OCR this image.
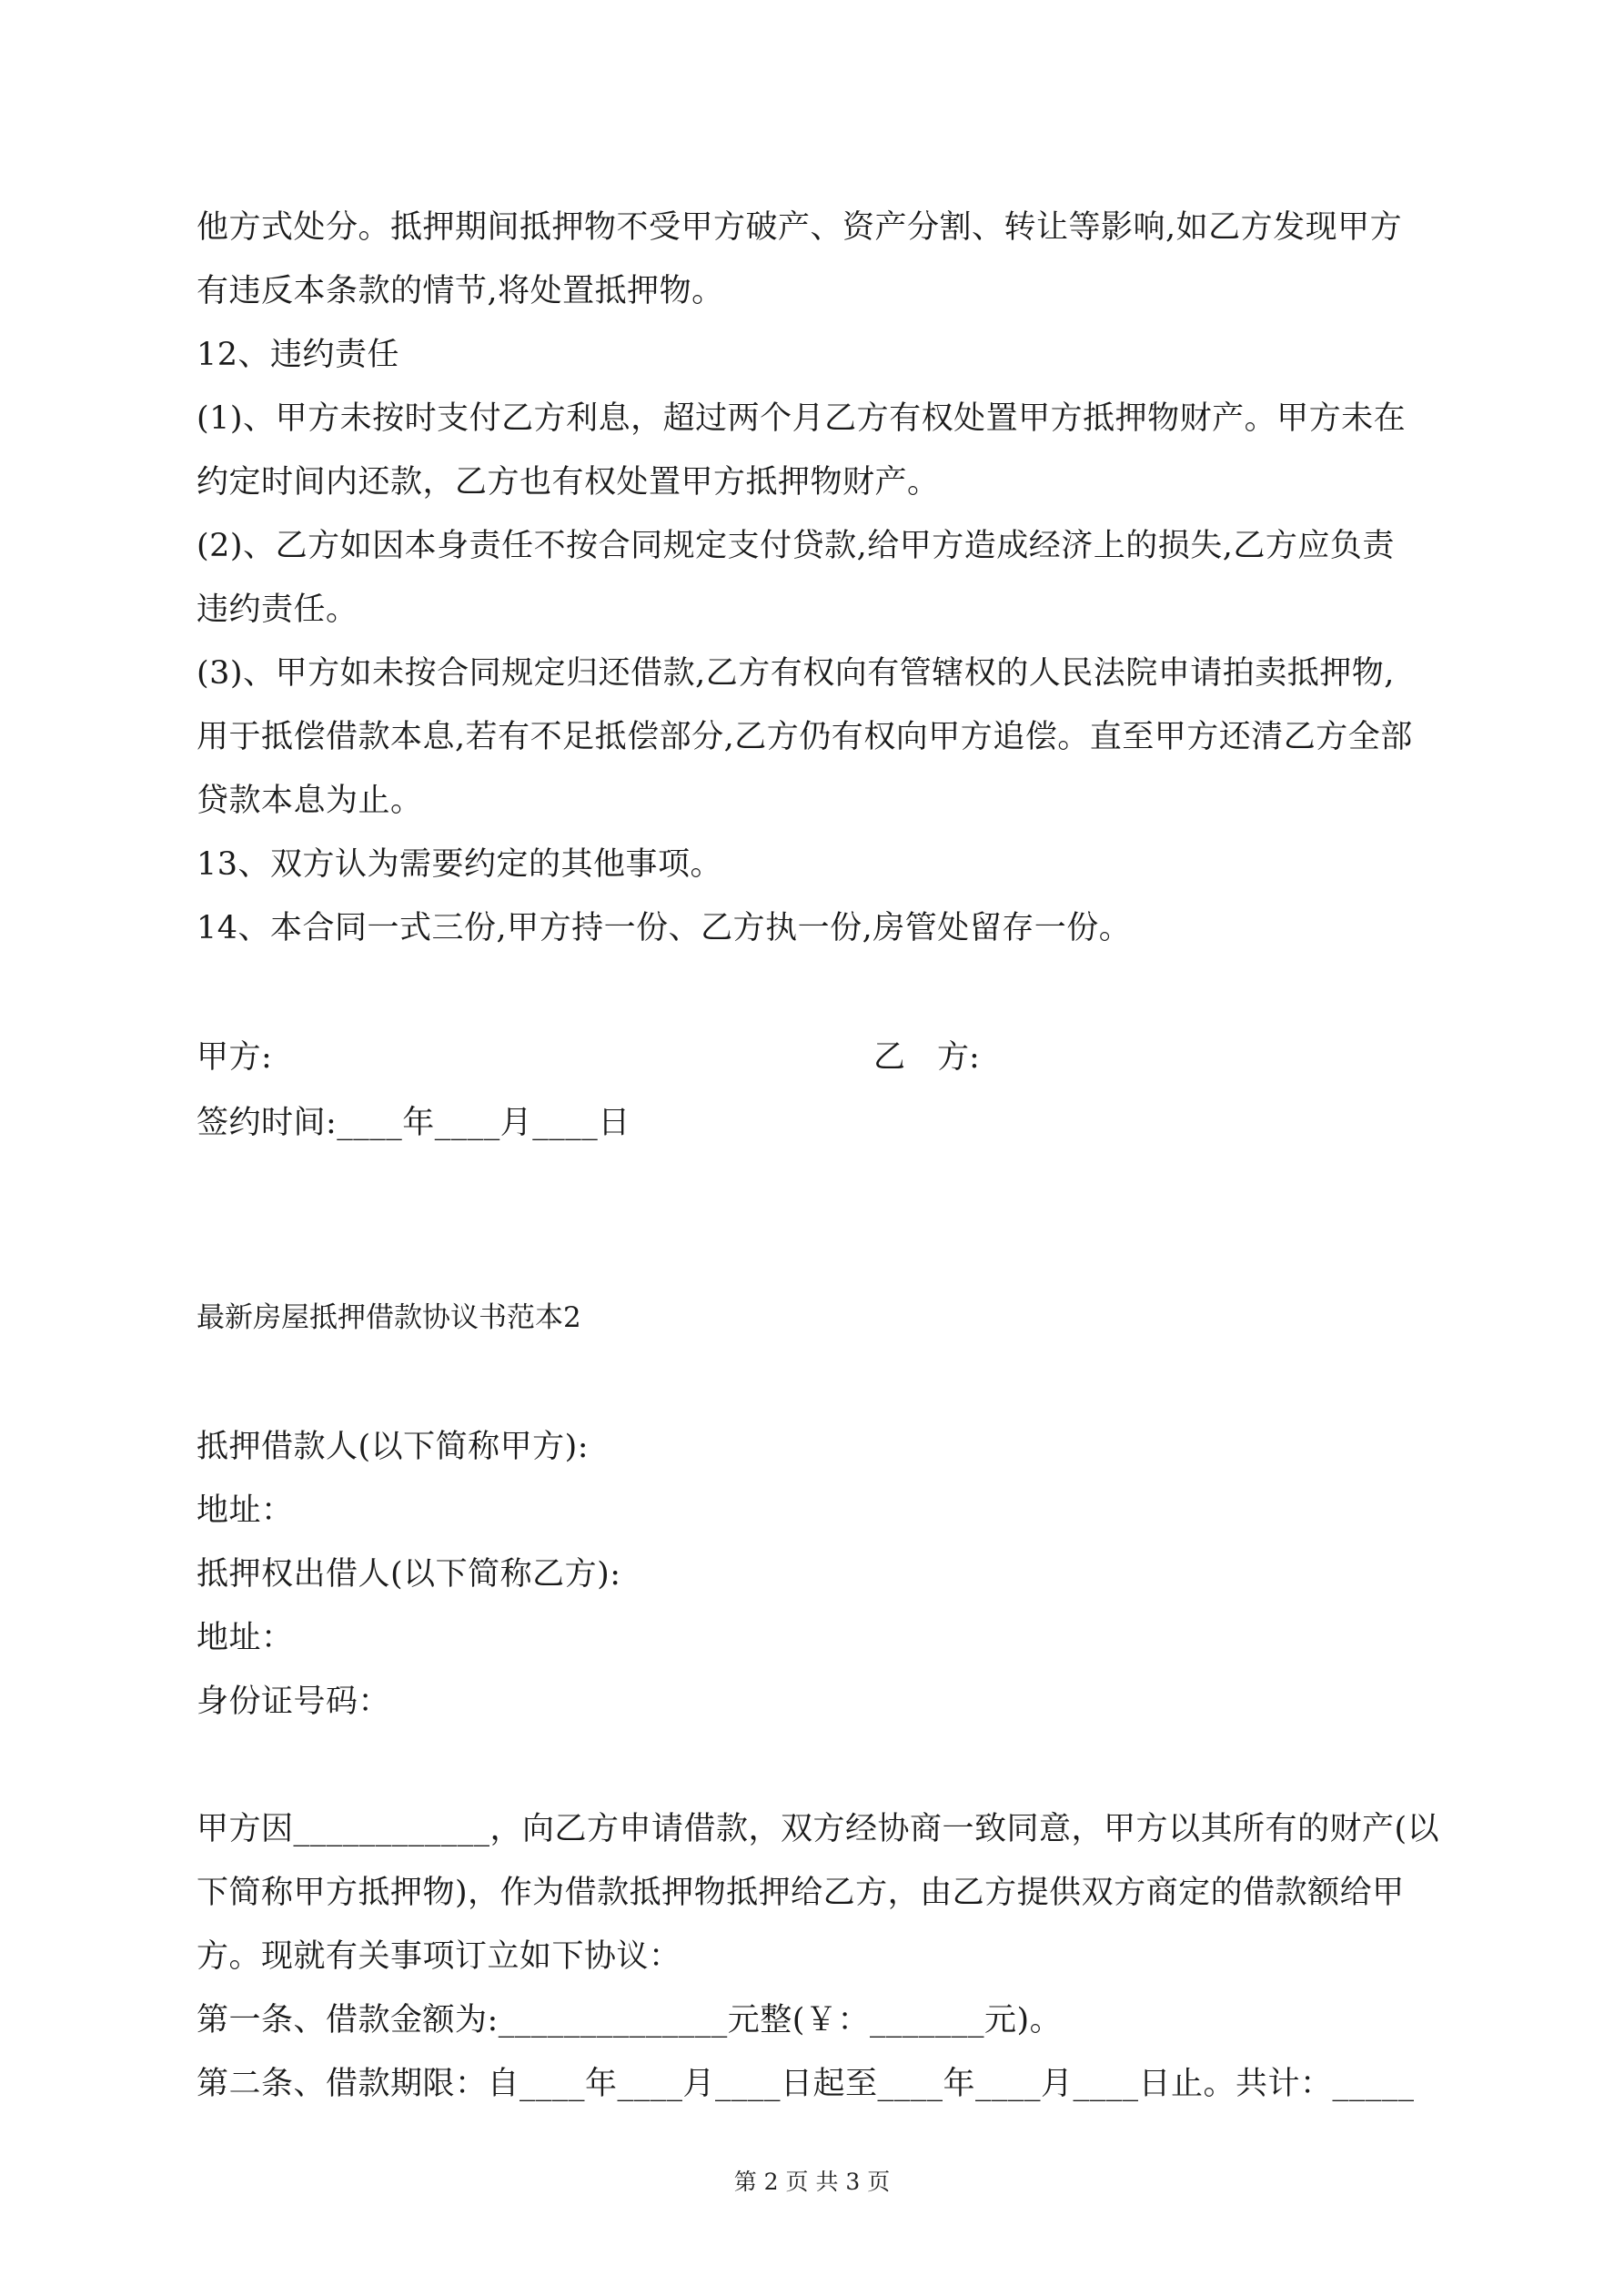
他方式处分。抵押期间抵押物不受甲方破产、资产分割、转让等影响,如乙方发现甲方
有违反本条款的情节,将处置抵押物。
12、违约责任
(1)、甲方未按时支付乙方利息，超过两个月乙方有权处置甲方抵押物财产。甲方未在
约定时间内还款，乙方也有权处置甲方抵押物财产。
(2)、乙方如因本身责任不按合同规定支付贷款,给甲方造成经济上的损失,乙方应负责
违约责任。
(3)、甲方如未按合同规定归还借款,乙方有权向有管辖权的人民法院申请拍卖抵押物,
用于抵偿借款本息,若有不足抵偿部分,乙方仍有权向甲方追偿。直至甲方还清乙方全部
贷款本息为止。
13、双方认为需要约定的其他事项。
14、本合同一式三份,甲方持一份、乙方执一份,房管处留存一份。
甲方:	乙　方:
签约时间:____年____月____日
最新房屋抵押借款协议书范本2
抵押借款人(以下简称甲方):
地址：
抵押权出借人(以下简称乙方):
地址：
身份证号码：
甲方因____________，向乙方申请借款，双方经协商一致同意，甲方以其所有的财产(以
下简称甲方抵押物)，作为借款抵押物抵押给乙方，由乙方提供双方商定的借款额给甲
方。现就有关事项订立如下协议：
第一条、借款金额为:______________元整(￥：_______元)。
第二条、借款期限：自____年____月____日起至____年____月____日止。共计：_____
第 2 页 共 3 页
